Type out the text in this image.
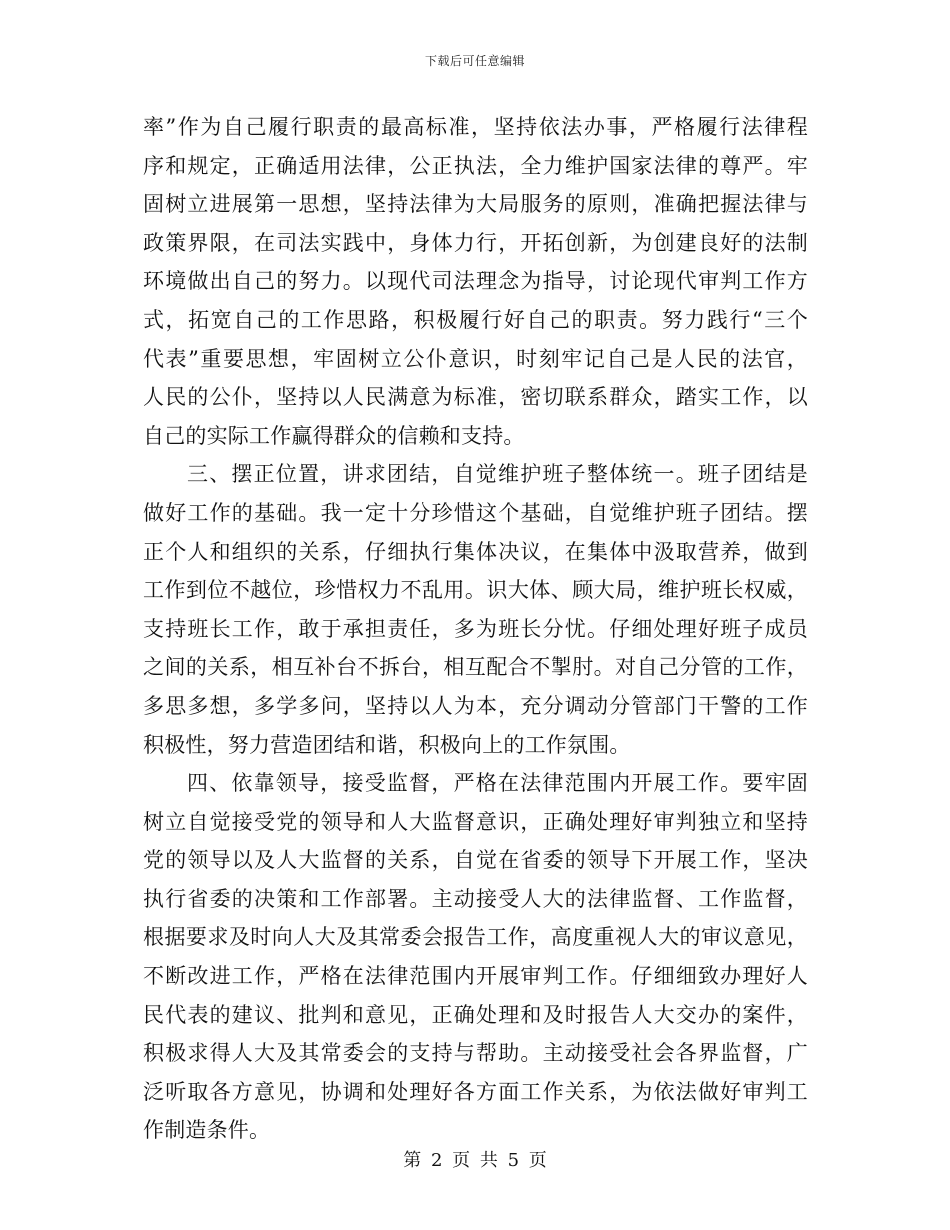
下载后可任意编辑
率”作为自己履行职责的最高标准，坚持依法办事，严格履行法律程
序和规定，正确适用法律，公正执法，全力维护国家法律的尊严。牢
固树立进展第一思想，坚持法律为大局服务的原则，准确把握法律与
政策界限，在司法实践中，身体力行，开拓创新，为创建良好的法制
环境做出自己的努力。以现代司法理念为指导，讨论现代审判工作方
式，拓宽自己的工作思路，积极履行好自己的职责。努力践行“三个
代表”重要思想，牢固树立公仆意识，时刻牢记自己是人民的法官，
人民的公仆，坚持以人民满意为标准，密切联系群众，踏实工作，以
自己的实际工作赢得群众的信赖和支持。
三、摆正位置，讲求团结，自觉维护班子整体统一。班子团结是
做好工作的基础。我一定十分珍惜这个基础，自觉维护班子团结。摆
正个人和组织的关系，仔细执行集体决议，在集体中汲取营养，做到
工作到位不越位，珍惜权力不乱用。识大体、顾大局，维护班长权威，
支持班长工作，敢于承担责任，多为班长分忧。仔细处理好班子成员
之间的关系，相互补台不拆台，相互配合不掣肘。对自己分管的工作，
多思多想，多学多问，坚持以人为本，充分调动分管部门干警的工作
积极性，努力营造团结和谐，积极向上的工作氛围。
四、依靠领导，接受监督，严格在法律范围内开展工作。要牢固
树立自觉接受党的领导和人大监督意识，正确处理好审判独立和坚持
党的领导以及人大监督的关系，自觉在省委的领导下开展工作，坚决
执行省委的决策和工作部署。主动接受人大的法律监督、工作监督，
根据要求及时向人大及其常委会报告工作，高度重视人大的审议意见，
不断改进工作，严格在法律范围内开展审判工作。仔细细致办理好人
民代表的建议、批判和意见，正确处理和及时报告人大交办的案件，
积极求得人大及其常委会的支持与帮助。主动接受社会各界监督，广
泛听取各方意见，协调和处理好各方面工作关系，为依法做好审判工
作制造条件。
第 2 页 共 5 页
